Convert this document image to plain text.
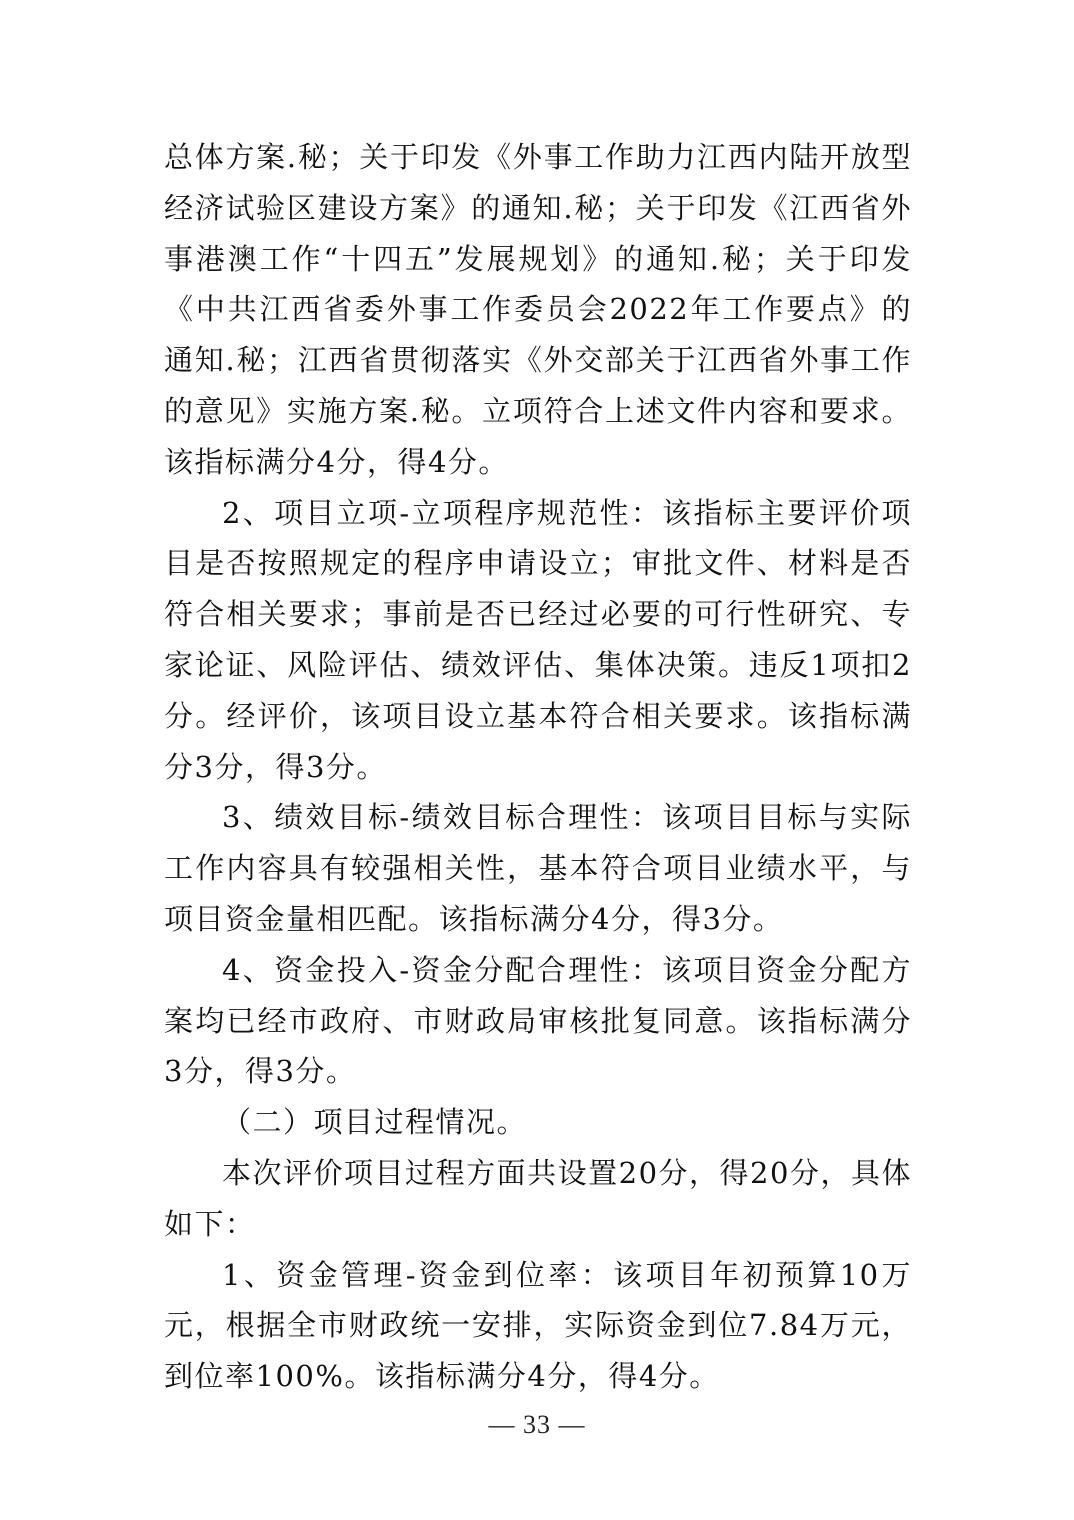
总体方案.秘；关于印发《外事工作助力江西内陆开放型经济试验区建设方案》的通知.秘；关于印发《江西省外事港澳工作“十四五”发展规划》的通知.秘；关于印发《中共江西省委外事工作委员会2022年工作要点》的通知.秘；江西省贯彻落实《外交部关于江西省外事工作的意见》实施方案.秘。立项符合上述文件内容和要求。该指标满分4分，得4分。

2、项目立项-立项程序规范性：该指标主要评价项目是否按照规定的程序申请设立；审批文件、材料是否符合相关要求；事前是否已经过必要的可行性研究、专家论证、风险评估、绩效评估、集体决策。违反1项扣2分。经评价，该项目设立基本符合相关要求。该指标满分3分，得3分。

3、绩效目标-绩效目标合理性：该项目目标与实际工作内容具有较强相关性，基本符合项目业绩水平，与项目资金量相匹配。该指标满分4分，得3分。

4、资金投入-资金分配合理性：该项目资金分配方案均已经市政府、市财政局审核批复同意。该指标满分3分，得3分。

（二）项目过程情况。

本次评价项目过程方面共设置20分，得20分，具体如下：

1、资金管理-资金到位率：该项目年初预算10万元，根据全市财政统一安排，实际资金到位7.84万元，到位率100%。该指标满分4分，得4分。

— 33 —
